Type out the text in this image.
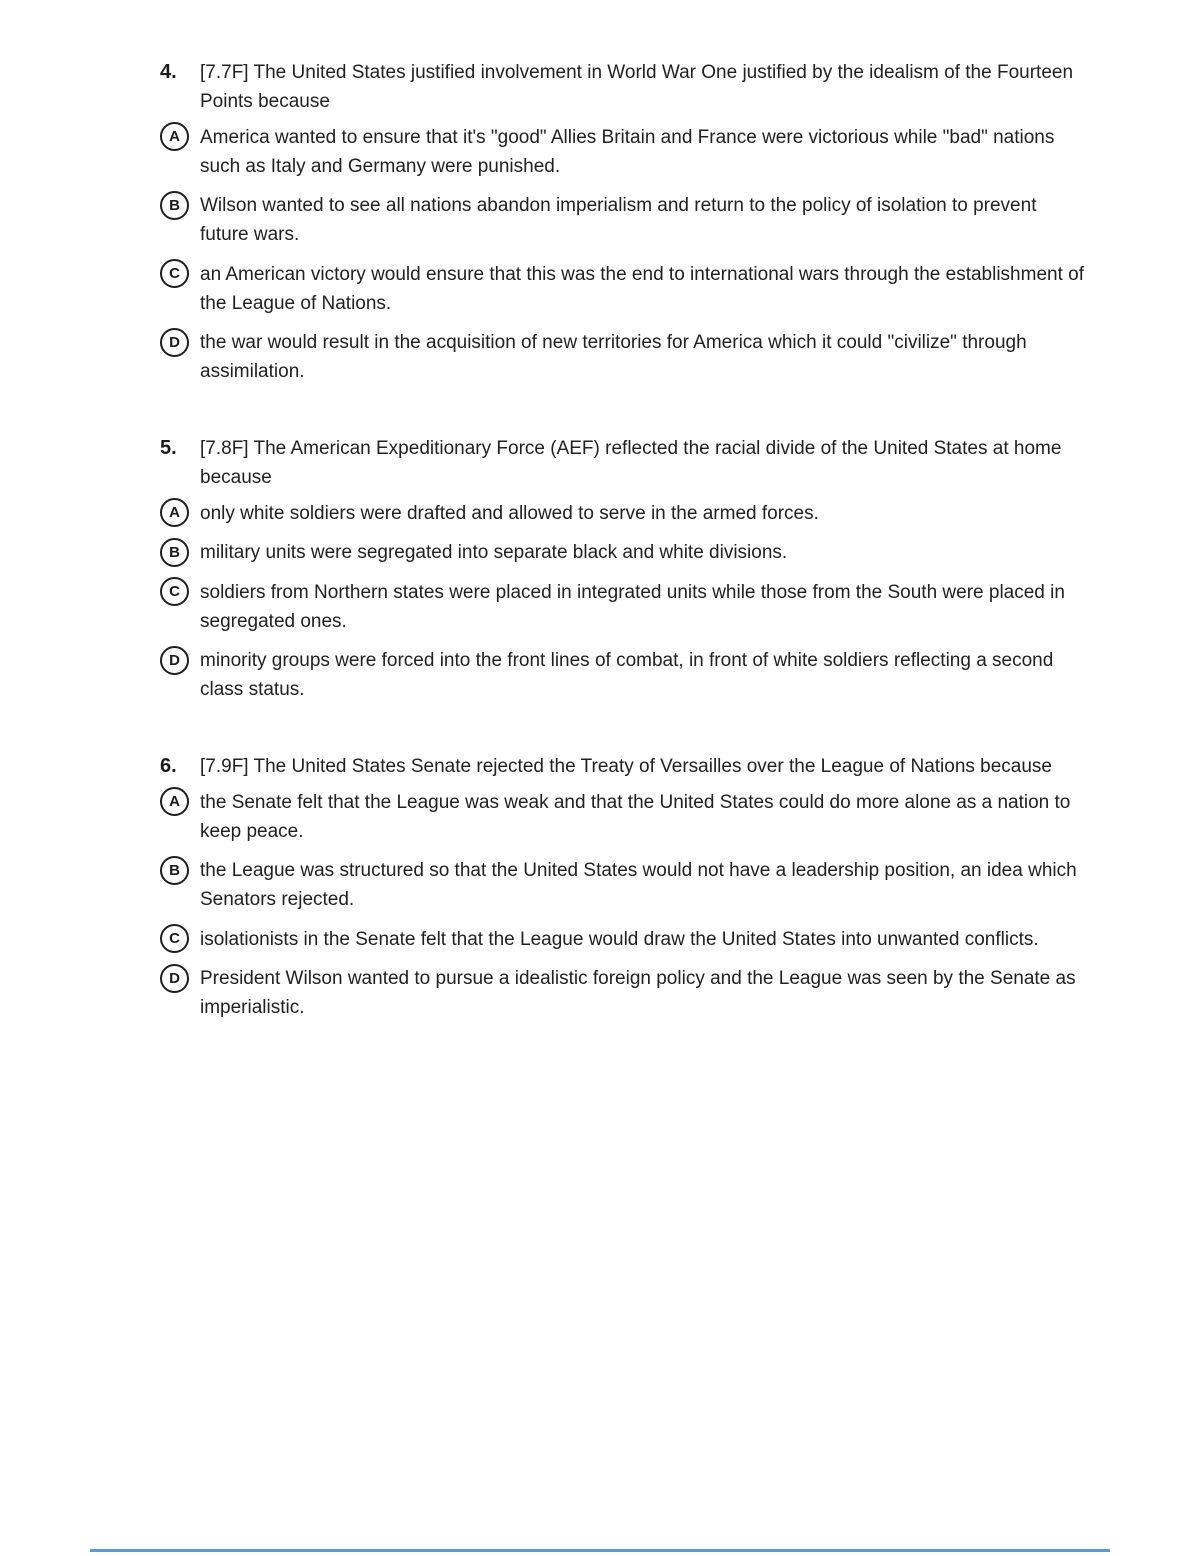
4.	[7.7F] The United States justified involvement in World War One justified by the idealism of the Fourteen Points because
A	America wanted to ensure that it's "good" Allies Britain and France were victorious while "bad" nations such as Italy and Germany were punished.
B	Wilson wanted to see all nations abandon imperialism and return to the policy of isolation to prevent future wars.
C	an American victory would ensure that this was the end to international wars through the establishment of the League of Nations.
D	the war would result in the acquisition of new territories for America which it could "civilize" through assimilation.
5.	[7.8F] The American Expeditionary Force (AEF) reflected the racial divide of the United States at home because
A	only white soldiers were drafted and allowed to serve in the armed forces.
B	military units were segregated into separate black and white divisions.
C	soldiers from Northern states were placed in integrated units while those from the South were placed in segregated ones.
D	minority groups were forced into the front lines of combat, in front of white soldiers reflecting a second class status.
6.	[7.9F] The United States Senate rejected the Treaty of Versailles over the League of Nations because
A	the Senate felt that the League was weak and that the United States could do more alone as a nation to keep peace.
B	the League was structured so that the United States would not have a leadership position, an idea which Senators rejected.
C	isolationists in the Senate felt that the League would draw the United States into unwanted conflicts.
D	President Wilson wanted to pursue a idealistic foreign policy and the League was seen by the Senate as imperialistic.
